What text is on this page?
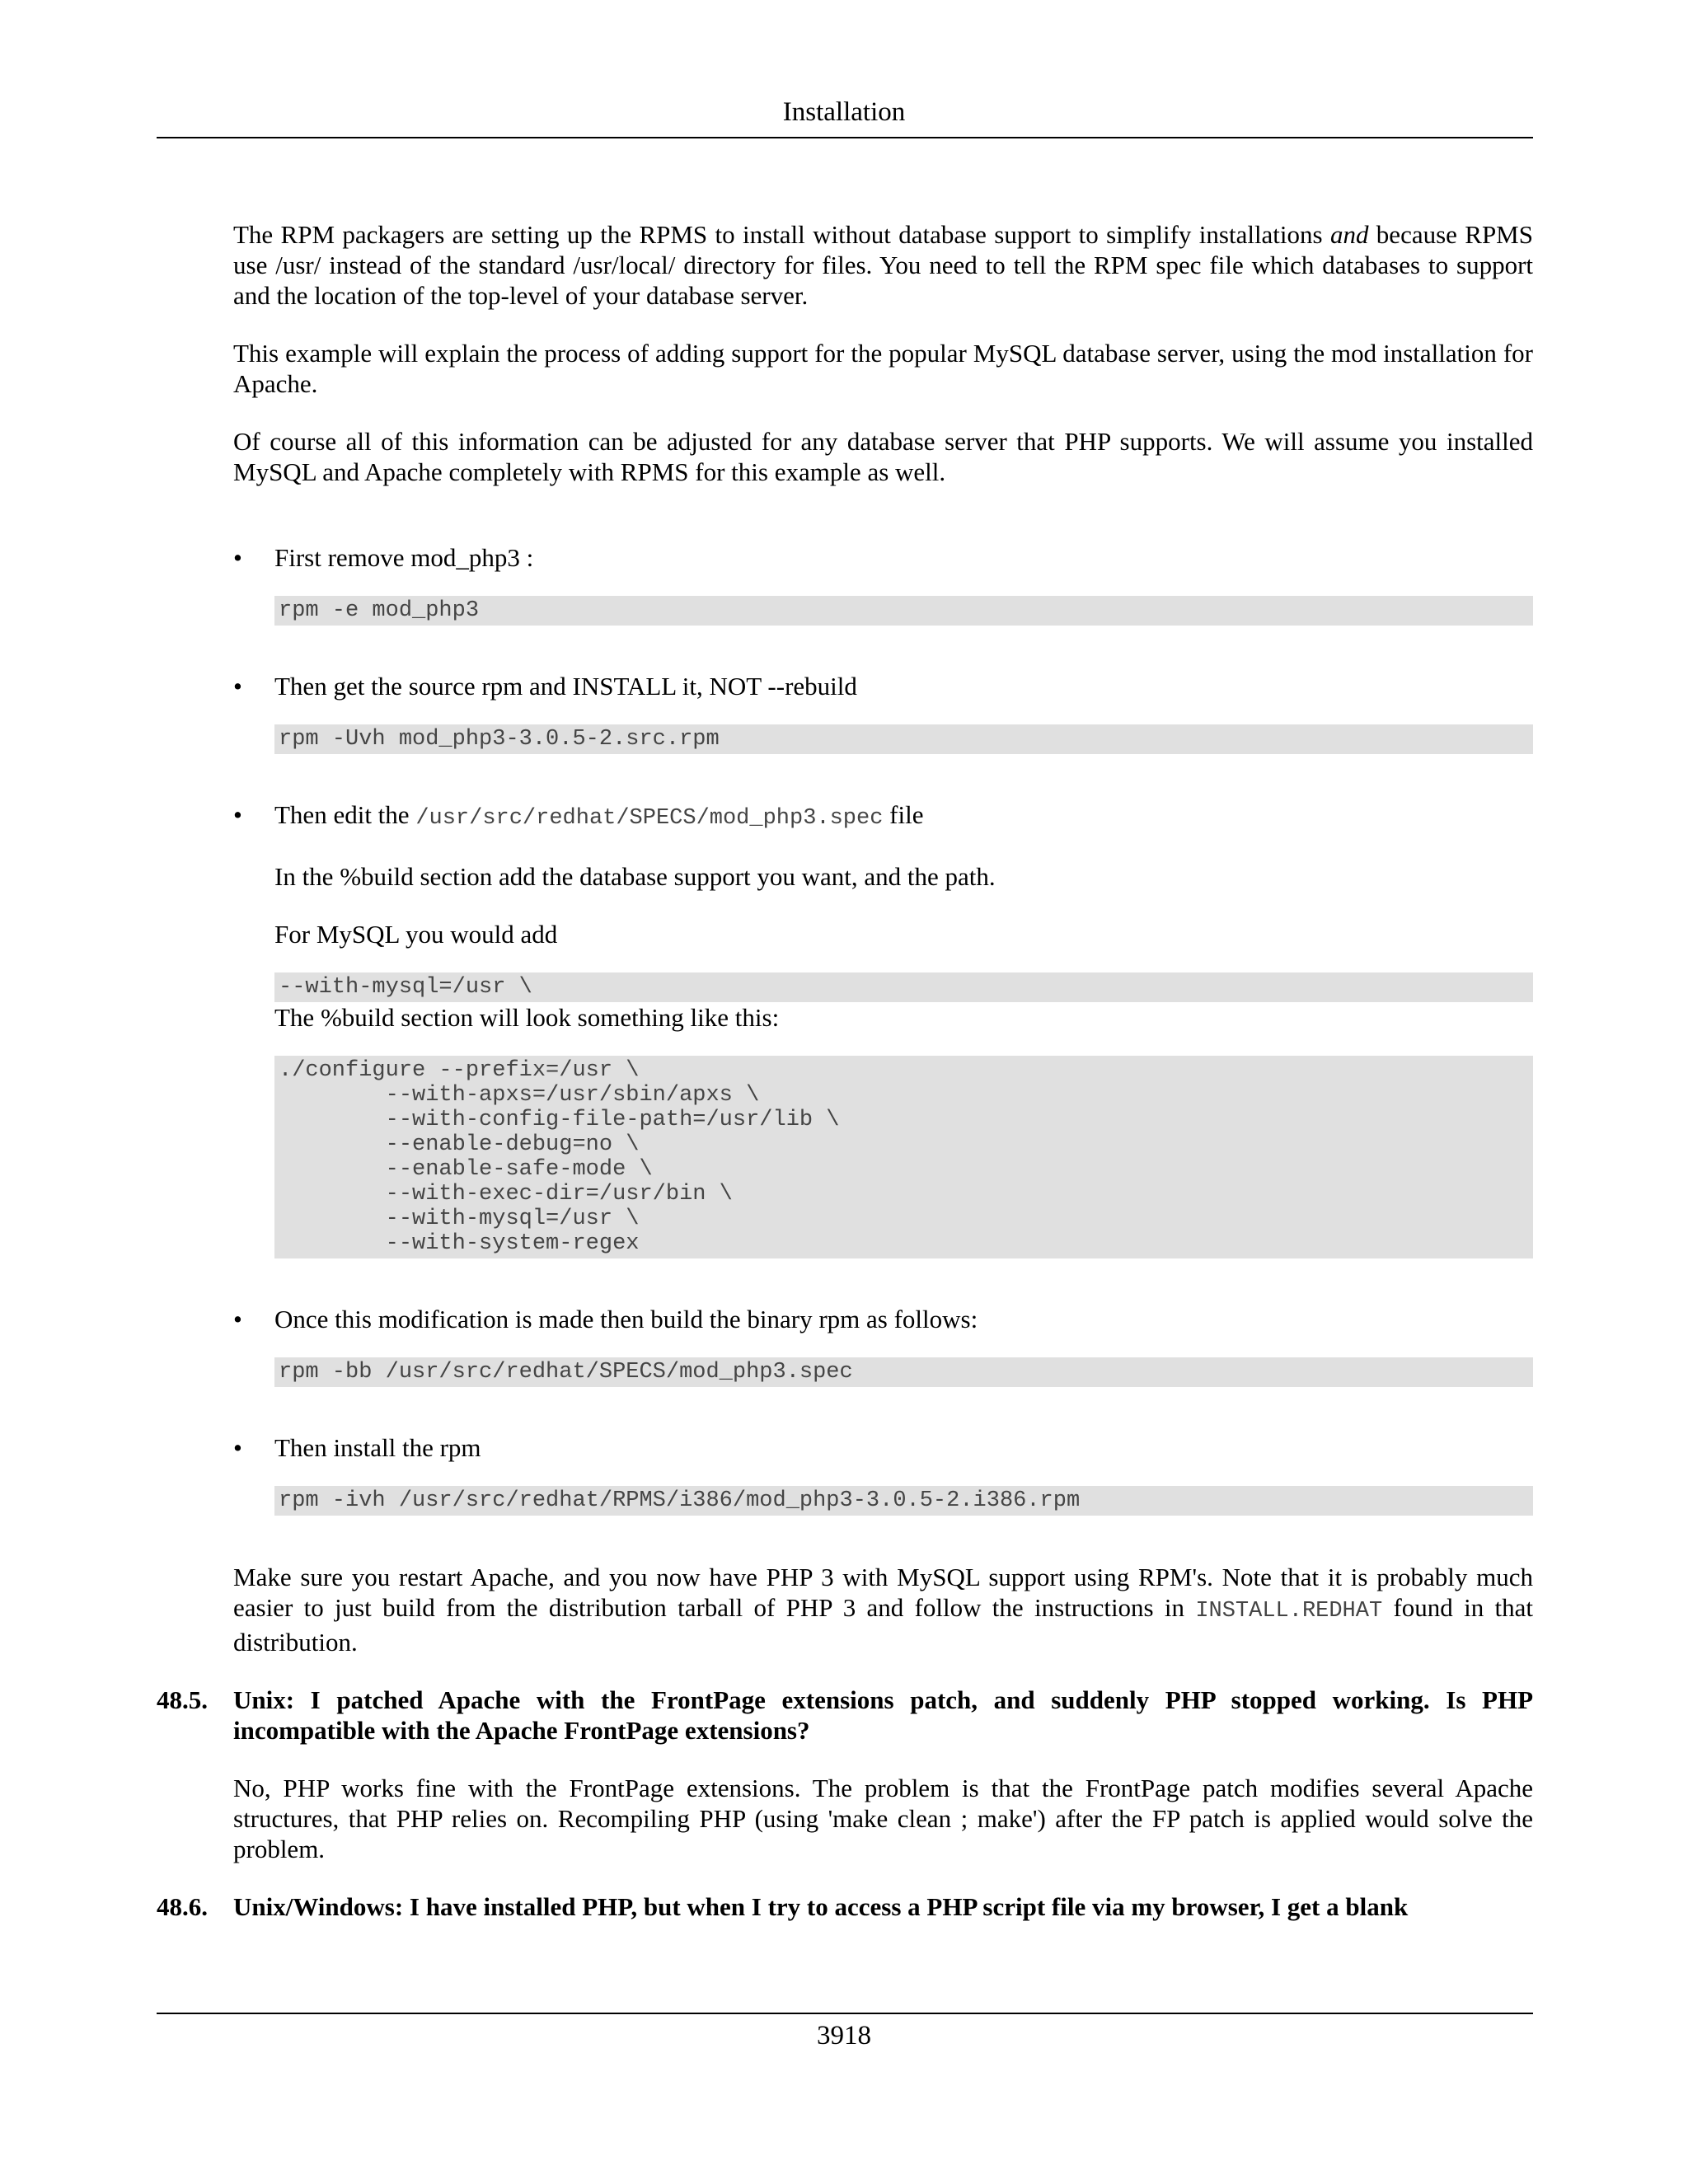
Installation

The RPM packagers are setting up the RPMS to install without database support to simplify installations and because RPMS use /usr/ instead of the standard /usr/local/ directory for files. You need to tell the RPM spec file which databases to support and the location of the top-level of your database server.

This example will explain the process of adding support for the popular MySQL database server, using the mod installation for Apache.

Of course all of this information can be adjusted for any database server that PHP supports. We will assume you installed MySQL and Apache completely with RPMS for this example as well.

• First remove mod_php3 :

rpm -e mod_php3
• Then get the source rpm and INSTALL it, NOT --rebuild

rpm -Uvh mod_php3-3.0.5-2.src.rpm
• Then edit the /usr/src/redhat/SPECS/mod_php3.spec file

In the %build section add the database support you want, and the path.

For MySQL you would add

--with-mysql=/usr \

The %build section will look something like this:

./configure --prefix=/usr \
--with-apxs=/usr/sbin/apxs \
--with-config-file-path=/usr/lib \
--enable-debug=no \
--enable-safe-mode \
--with-exec-dir=/usr/bin \
--with-mysql=/usr \
--with-system-regex
• Once this modification is made then build the binary rpm as follows:

rpm -bb /usr/src/redhat/SPECS/mod_php3.spec
• Then install the rpm

rpm -ivh /usr/src/redhat/RPMS/i386/mod_php3-3.0.5-2.i386.rpm

Make sure you restart Apache, and you now have PHP 3 with MySQL support using RPM's. Note that it is probably much easier to just build from the distribution tarball of PHP 3 and follow the instructions in INSTALL.REDHAT found in that distribution.

48.5. Unix: I patched Apache with the FrontPage extensions patch, and suddenly PHP stopped working. Is PHP incompatible with the Apache FrontPage extensions?

No, PHP works fine with the FrontPage extensions. The problem is that the FrontPage patch modifies several Apache structures, that PHP relies on. Recompiling PHP (using 'make clean ; make') after the FP patch is applied would solve the problem.

48.6. Unix/Windows: I have installed PHP, but when I try to access a PHP script file via my browser, I get a blank

3918
